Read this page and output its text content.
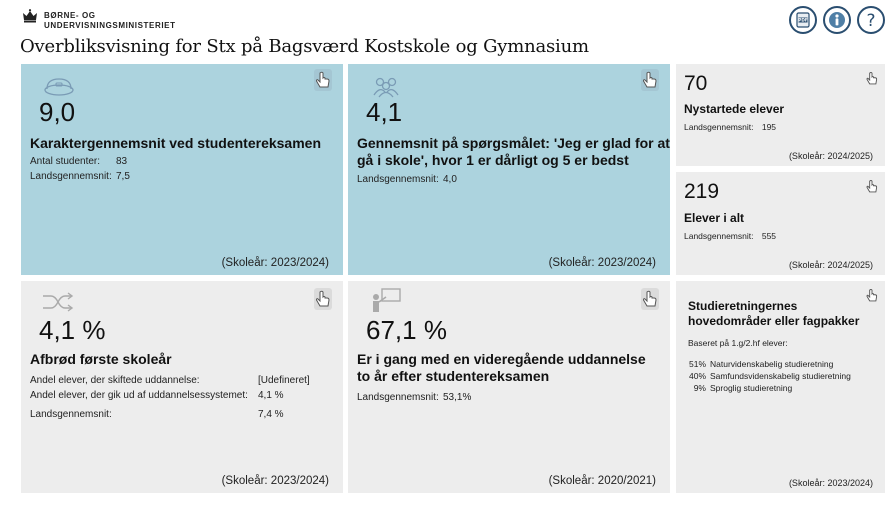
BØRNE- OG
UNDERVISNINGSMINISTERIET
Overbliksvisning for Stx på Bagsværd Kostskole og Gymnasium
PDF	?
9,0
Karaktergennemsnit ved studentereksamen
Antal studenter: 83
Landsgennemsnit: 7,5
(Skoleår: 2023/2024)
4,1
Gennemsnit på spørgsmålet: 'Jeg er glad for at
gå i skole', hvor 1 er dårligt og 5 er bedst
Landsgennemsnit: 4,0
(Skoleår: 2023/2024)
70
Nystartede elever
Landsgennemsnit: 195
(Skoleår: 2024/2025)
219
Elever i alt
Landsgennemsnit: 555
(Skoleår: 2024/2025)
4,1 %
Afbrød første skoleår
Andel elever, der skiftede uddannelse:	[Udefineret]
Andel elever, der gik ud af uddannelsessystemet: 4,1 %
Landsgennemsnit:	7,4 %
(Skoleår: 2023/2024)
67,1 %
Er i gang med en videregående uddannelse
to år efter studentereksamen
Landsgennemsnit: 53,1%
(Skoleår: 2020/2021)
Studieretningernes
hovedområder eller fagpakker
Baseret på 1.g/2.hf elever:
51% Naturvidenskabelig studieretning
40% Samfundsvidenskabelig studieretning
9% Sproglig studieretning
(Skoleår: 2023/2024)
